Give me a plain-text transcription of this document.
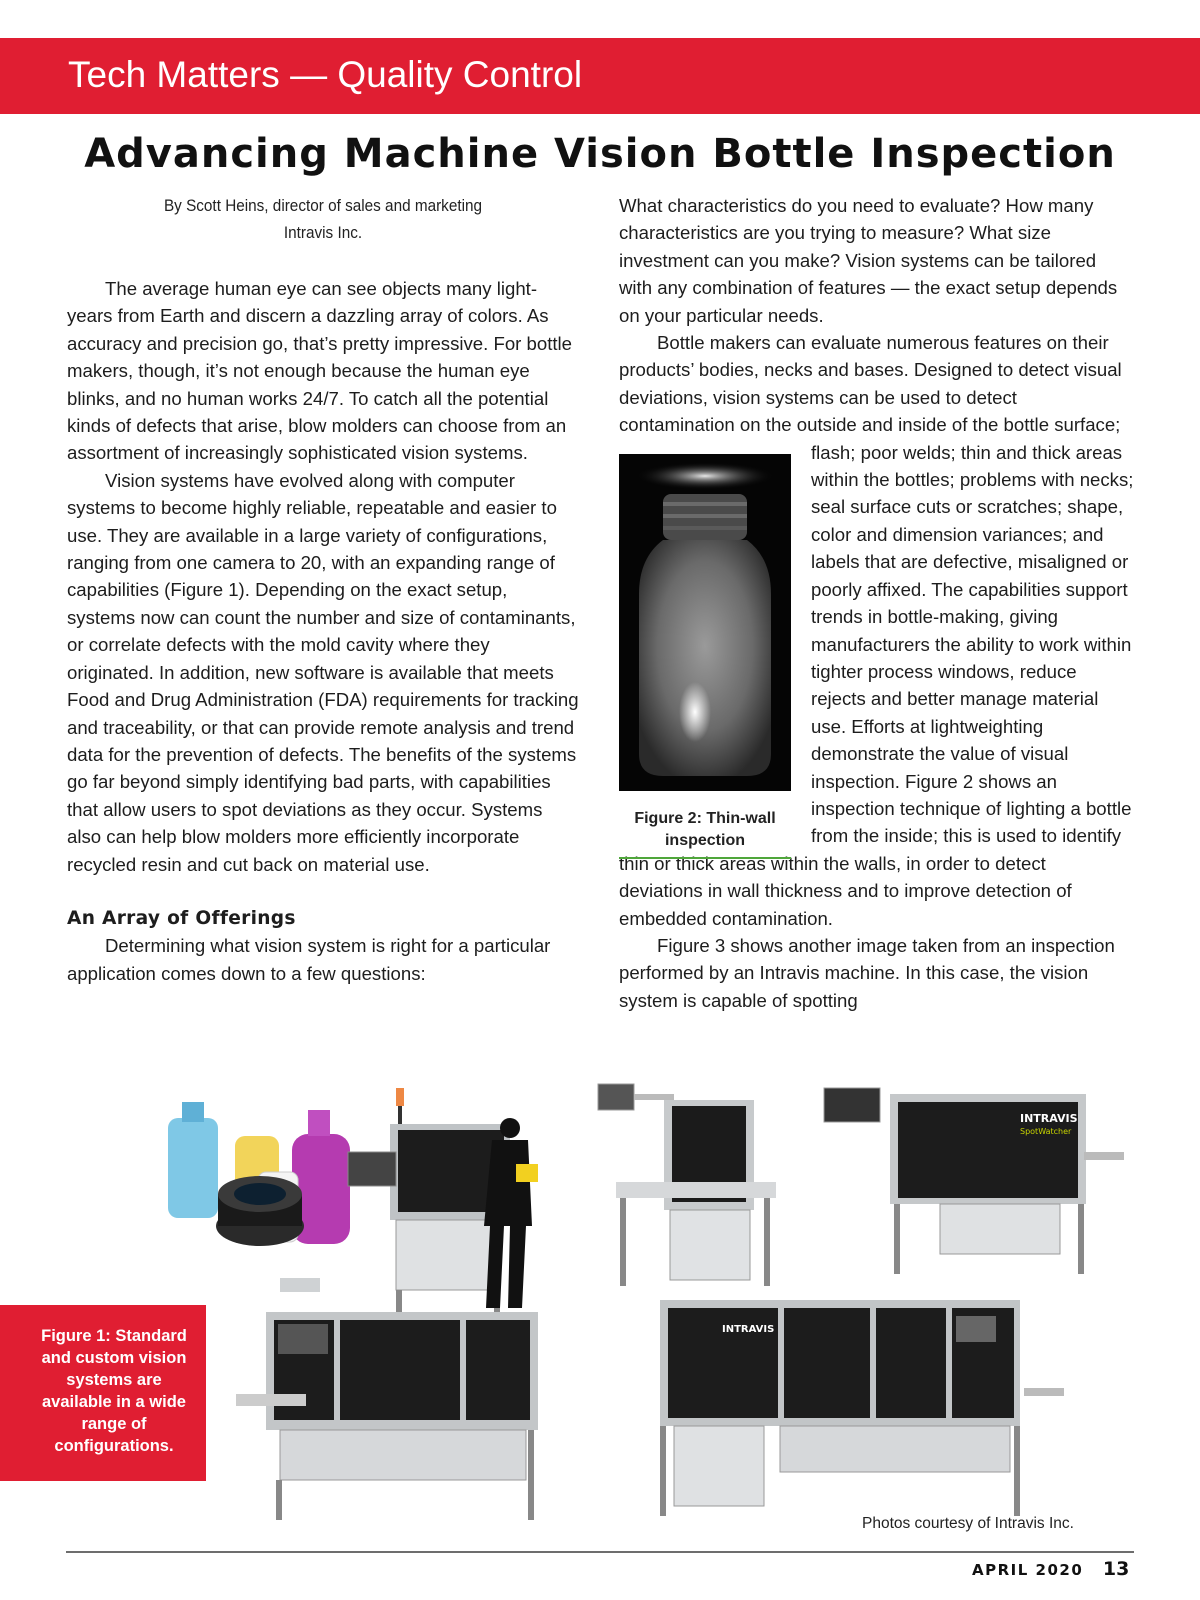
Tech Matters — Quality Control
Advancing Machine Vision Bottle Inspection
By Scott Heins, director of sales and marketing
Intravis Inc.

The average human eye can see objects many light-years from Earth and discern a dazzling array of colors. As accuracy and precision go, that’s pretty impressive. For bottle makers, though, it’s not enough because the human eye blinks, and no human works 24/7. To catch all the potential kinds of defects that arise, blow molders can choose from an assortment of increasingly sophisticated vision systems.

Vision systems have evolved along with computer systems to become highly reliable, repeatable and easier to use. They are available in a large variety of configurations, ranging from one camera to 20, with an expanding range of capabilities (Figure 1). Depending on the exact setup, systems now can count the number and size of contaminants, or correlate defects with the mold cavity where they originated. In addition, new software is available that meets Food and Drug Administration (FDA) requirements for tracking and traceability, or that can provide remote analysis and trend data for the prevention of defects. The benefits of the systems go far beyond simply identifying bad parts, with capabilities that allow users to spot deviations as they occur. Systems also can help blow molders more efficiently incorporate recycled resin and cut back on material use.

An Array of Offerings

Determining what vision system is right for a particular application comes down to a few questions:

What characteristics do you need to evaluate? How many characteristics are you trying to measure? What size investment can you make? Vision systems can be tailored with any combination of features — the exact setup depends on your particular needs.

Bottle makers can evaluate numerous features on their products’ bodies, necks and bases. Designed to detect visual deviations, vision systems can be used to detect contamination on the outside and inside of the bottle surface; flash; poor welds; thin and thick areas within the bottles; problems with necks; seal surface cuts or scratches; shape, color and dimension variances; and labels that are defective, misaligned or poorly affixed. The capabilities support trends in bottle-making, giving manufacturers the ability to work within tighter process windows, reduce rejects and better manage material use. Efforts at lightweighting demonstrate the value of visual inspection. Figure 2 shows an inspection technique of lighting a bottle from the inside; this is used to identify thin or thick areas within the walls, in order to detect deviations in wall thickness and to improve detection of embedded contamination.

Figure 3 shows another image taken from an inspection performed by an Intravis machine. In this case, the vision system is capable of spotting

Figure 2: Thin-wall inspection
INTRAVIS
SpotWatcher
INTRAVIS
Figure 1: Standard and custom vision systems are available in a wide range of configurations.
Photos courtesy of Intravis Inc.
APRIL 2020 13
